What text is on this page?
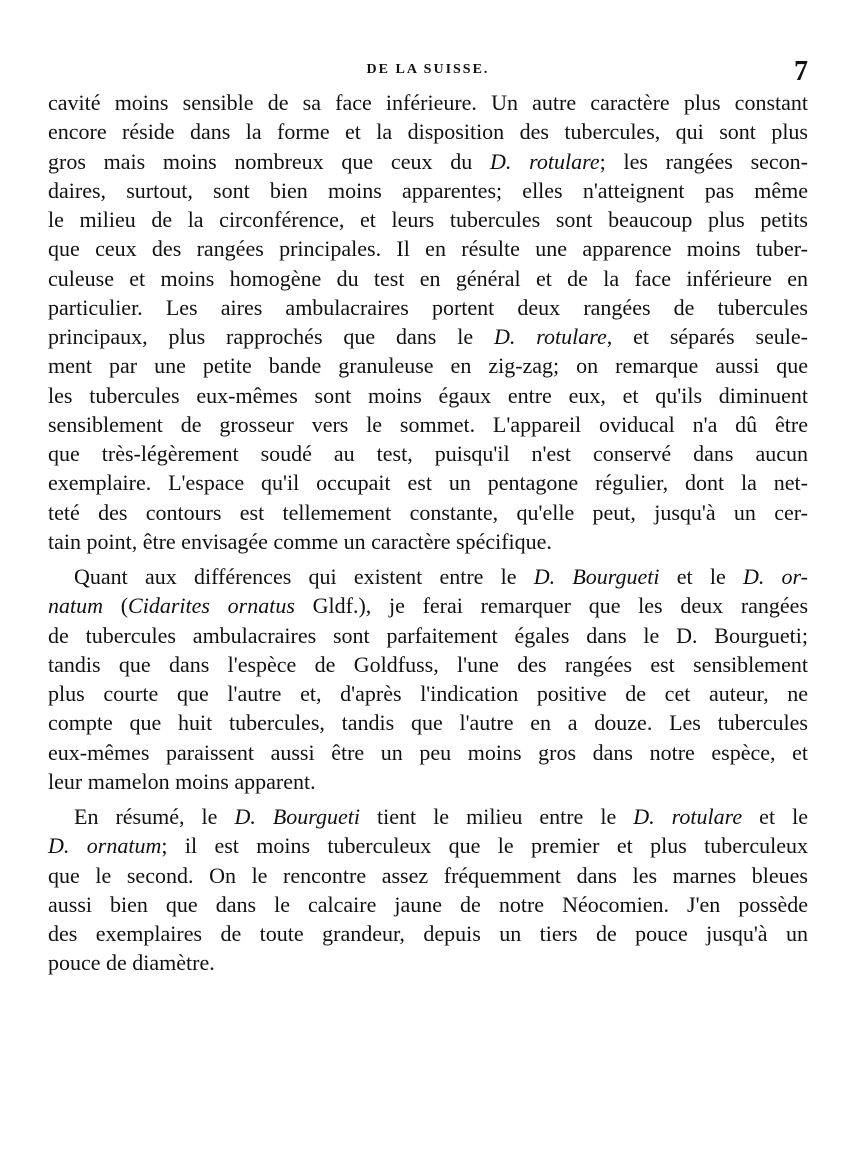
DE LA SUISSE.	7
cavité moins sensible de sa face inférieure. Un autre caractère plus constant
encore réside dans la forme et la disposition des tubercules, qui sont plus
gros mais moins nombreux que ceux du D. rotulare; les rangées secon-
daires, surtout, sont bien moins apparentes; elles n'atteignent pas même
le milieu de la circonférence, et leurs tubercules sont beaucoup plus petits
que ceux des rangées principales. Il en résulte une apparence moins tuber-
culeuse et moins homogène du test en général et de la face inférieure en
particulier. Les aires ambulacraires portent deux rangées de tubercules
principaux, plus rapprochés que dans le D. rotulare, et séparés seule-
ment par une petite bande granuleuse en zig-zag; on remarque aussi que
les tubercules eux-mêmes sont moins égaux entre eux, et qu'ils diminuent
sensiblement de grosseur vers le sommet. L'appareil oviducal n'a dû être
que très-légèrement soudé au test, puisqu'il n'est conservé dans aucun
exemplaire. L'espace qu'il occupait est un pentagone régulier, dont la net-
teté des contours est tellemement constante, qu'elle peut, jusqu'à un cer-
tain point, être envisagée comme un caractère spécifique.
Quant aux différences qui existent entre le D. Bourgueti et le D. or-
natum (Cidarites ornatus Gldf.), je ferai remarquer que les deux rangées
de tubercules ambulacraires sont parfaitement égales dans le D. Bourgueti;
tandis que dans l'espèce de Goldfuss, l'une des rangées est sensiblement
plus courte que l'autre et, d'après l'indication positive de cet auteur, ne
compte que huit tubercules, tandis que l'autre en a douze. Les tubercules
eux-mêmes paraissent aussi être un peu moins gros dans notre espèce, et
leur mamelon moins apparent.
En résumé, le D. Bourgueti tient le milieu entre le D. rotulare et le
D. ornatum; il est moins tuberculeux que le premier et plus tuberculeux
que le second. On le rencontre assez fréquemment dans les marnes bleues
aussi bien que dans le calcaire jaune de notre Néocomien. J'en possède
des exemplaires de toute grandeur, depuis un tiers de pouce jusqu'à un
pouce de diamètre.
